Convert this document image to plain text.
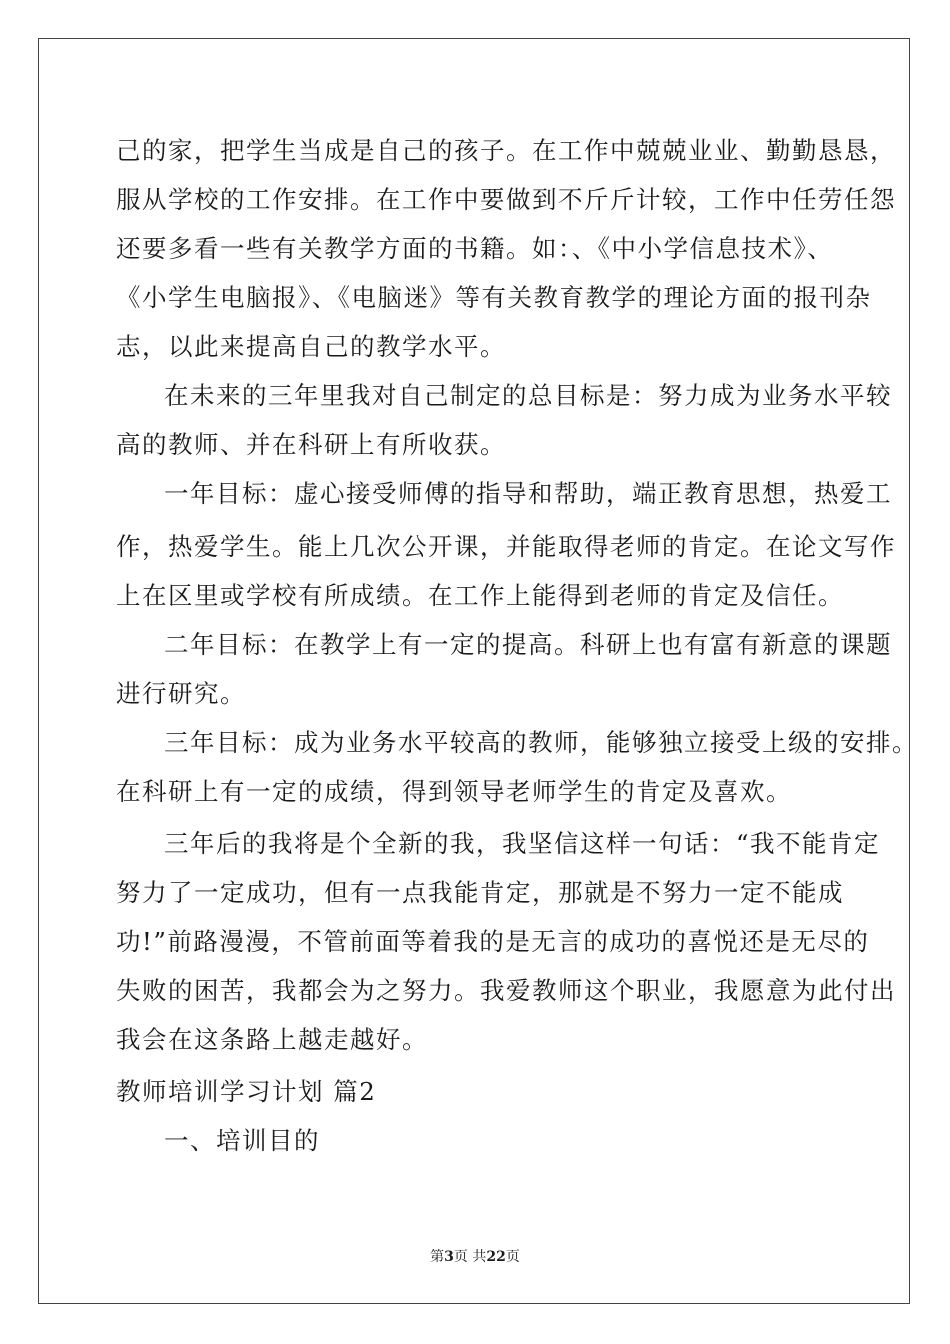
己的家，把学生当成是自己的孩子。在工作中兢兢业业、勤勤恳恳，
服从学校的工作安排。在工作中要做到不斤斤计较，工作中任劳任怨
还要多看一些有关教学方面的书籍。如：、《中小学信息技术》、
《小学生电脑报》、《电脑迷》等有关教育教学的理论方面的报刊杂
志，以此来提高自己的教学水平。
在未来的三年里我对自己制定的总目标是：努力成为业务水平较
高的教师、并在科研上有所收获。
一年目标：虚心接受师傅的指导和帮助，端正教育思想，热爱工
作，热爱学生。能上几次公开课，并能取得老师的肯定。在论文写作
上在区里或学校有所成绩。在工作上能得到老师的肯定及信任。
二年目标：在教学上有一定的提高。科研上也有富有新意的课题
进行研究。
三年目标：成为业务水平较高的教师，能够独立接受上级的安排。
在科研上有一定的成绩，得到领导老师学生的肯定及喜欢。
三年后的我将是个全新的我，我坚信这样一句话：“我不能肯定
努力了一定成功，但有一点我能肯定，那就是不努力一定不能成
功!”前路漫漫，不管前面等着我的是无言的成功的喜悦还是无尽的
失败的困苦，我都会为之努力。我爱教师这个职业，我愿意为此付出
我会在这条路上越走越好。
教师培训学习计划 篇2
一、培训目的
第3页 共22页
